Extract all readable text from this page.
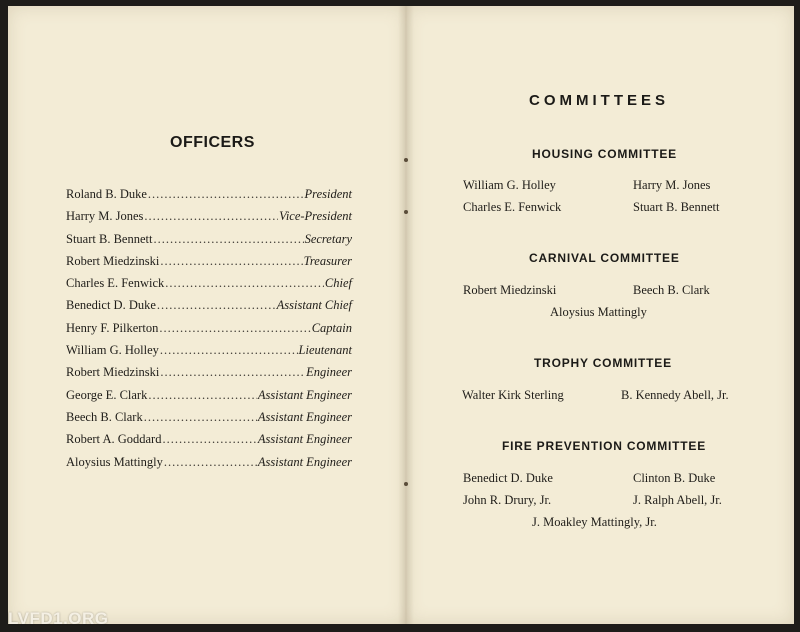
OFFICERS
Roland B. Duke .....	President
Harry M. Jones .....	Vice-President
Stuart B. Bennett .....	Secretary
Robert Miedzinski .....	Treasurer
Charles E. Fenwick .....	Chief
Benedict D. Duke .....	Assistant Chief
Henry F. Pilkerton .....	Captain
William G. Holley .....	Lieutenant
Robert Miedzinski .....	Engineer
George E. Clark .....	Assistant Engineer
Beech B. Clark .....	Assistant Engineer
Robert A. Goddard .....	Assistant Engineer
Aloysius Mattingly .....	Assistant Engineer
COMMITTEES
HOUSING COMMITTEE
William G. Holley	Harry M. Jones
Charles E. Fenwick	Stuart B. Bennett
CARNIVAL COMMITTEE
Robert Miedzinski	Beech B. Clark
Aloysius Mattingly
TROPHY COMMITTEE
Walter Kirk Sterling	B. Kennedy Abell, Jr.
FIRE PREVENTION COMMITTEE
Benedict D. Duke	Clinton B. Duke
John R. Drury, Jr.	J. Ralph Abell, Jr.
J. Moakley Mattingly, Jr.
LVFD1.ORG
